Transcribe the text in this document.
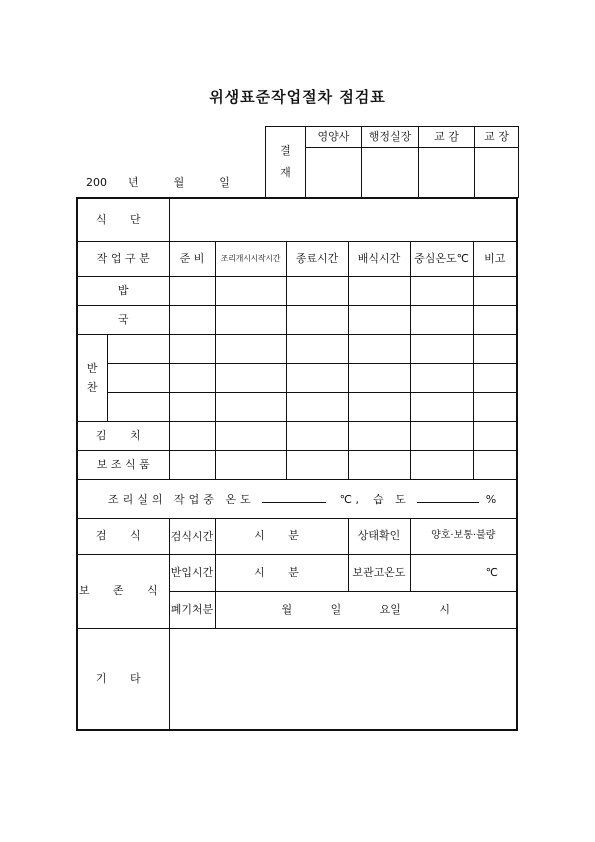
위생표준작업절차 점검표
200 년	월	일
결
재	영양사	행정실장	교 감	교 장

식 단							
작 업 구 분		준 비	조리개시시작시간	종료시간	배식시간	중심온도℃	비고
밥							
국							

반
찬							

김 치							
보 조 식 품							
조리실의 작업중 온도 ℃ , 습 도 %							
검 식		검식시간	시 분		상태확인	양호·보통·불량	
보 존 식		반입시간	시 분		보관고온도	℃	
		폐기처분	월 일 요일 시				
기 타							
